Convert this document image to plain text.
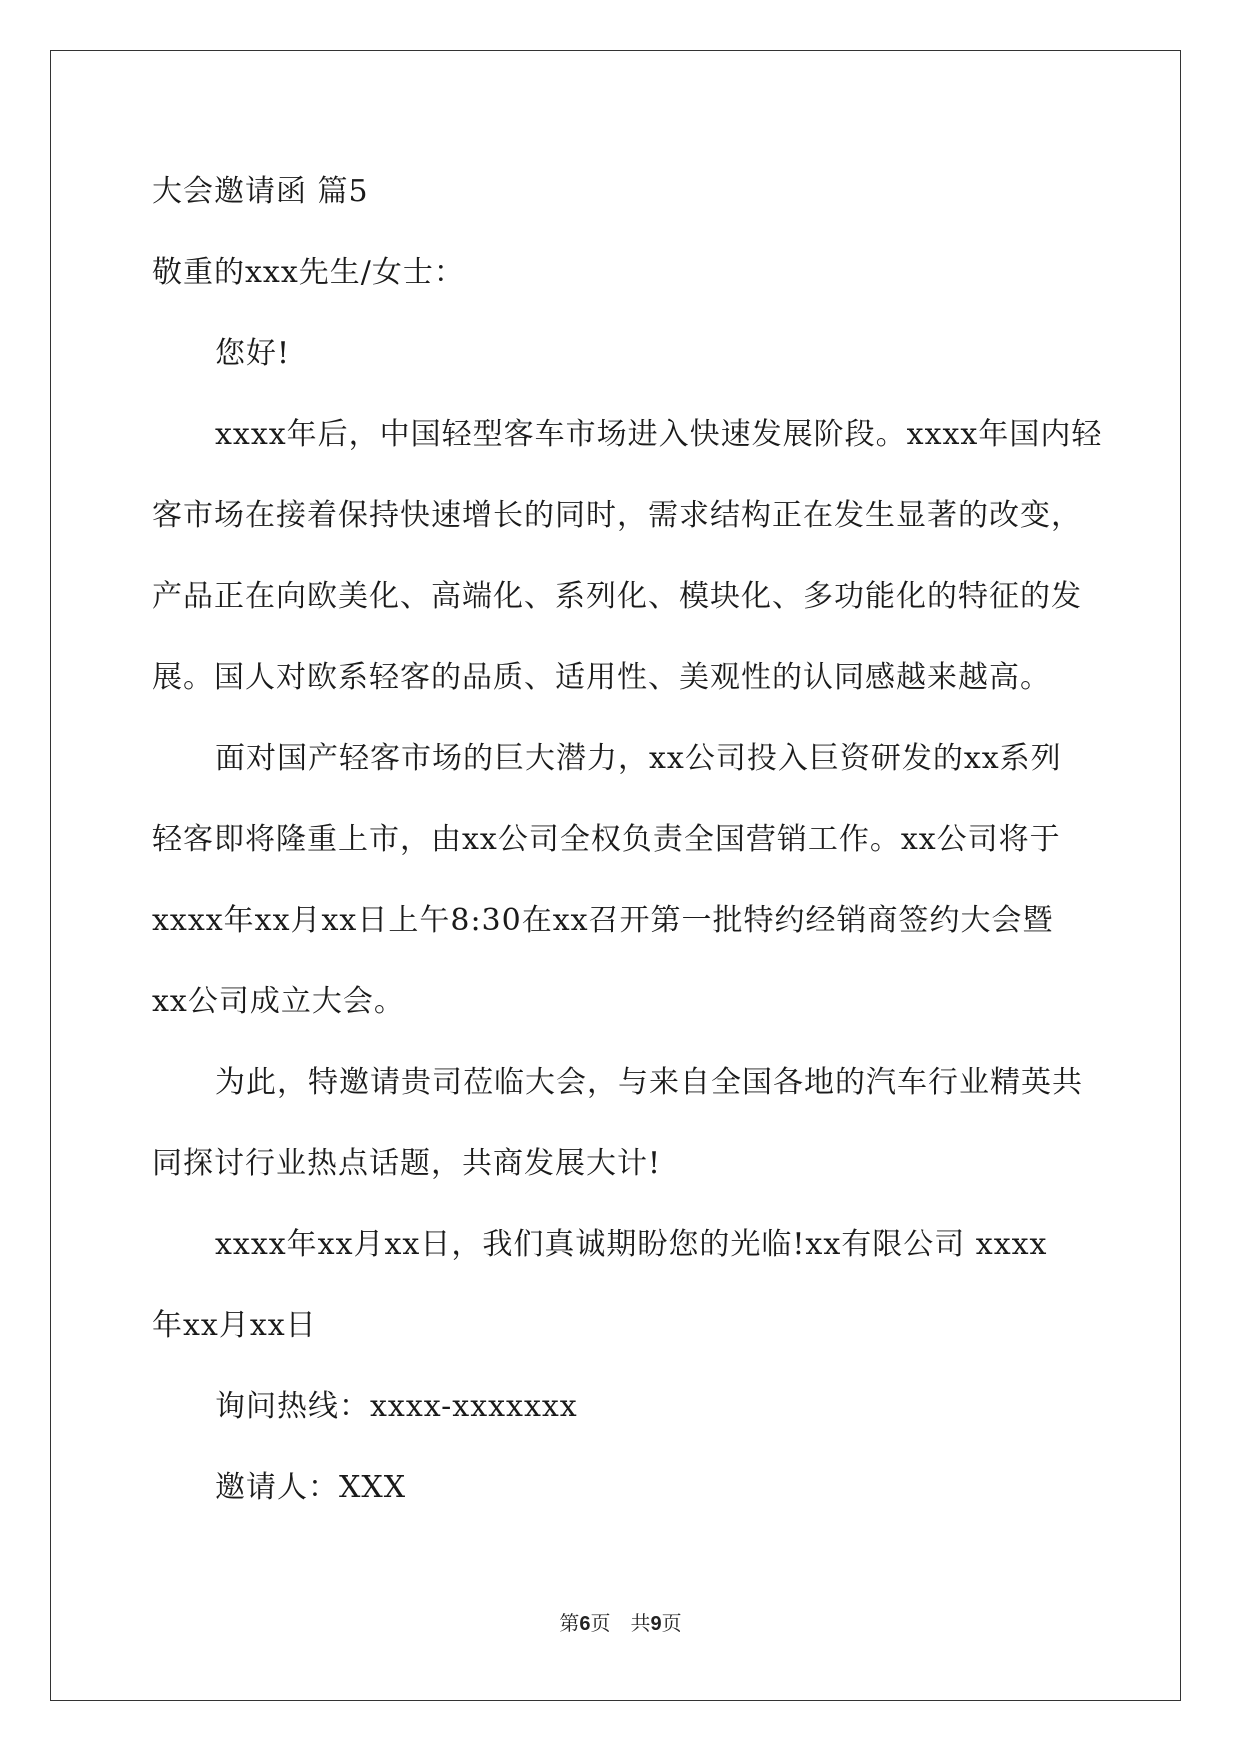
大会邀请函 篇5
敬重的xxx先生/女士：
您好!
xxxx年后，中国轻型客车市场进入快速发展阶段。xxxx年国内轻
客市场在接着保持快速增长的同时，需求结构正在发生显著的改变，
产品正在向欧美化、高端化、系列化、模块化、多功能化的特征的发
展。国人对欧系轻客的品质、适用性、美观性的认同感越来越高。
面对国产轻客市场的巨大潜力，xx公司投入巨资研发的xx系列
轻客即将隆重上市，由xx公司全权负责全国营销工作。xx公司将于
xxxx年xx月xx日上午8:30在xx召开第一批特约经销商签约大会暨
xx公司成立大会。
为此，特邀请贵司莅临大会，与来自全国各地的汽车行业精英共
同探讨行业热点话题，共商发展大计!
xxxx年xx月xx日，我们真诚期盼您的光临!xx有限公司 xxxx
年xx月xx日
询问热线：xxxx-xxxxxxx
邀请人：XXX
第6页　共9页
